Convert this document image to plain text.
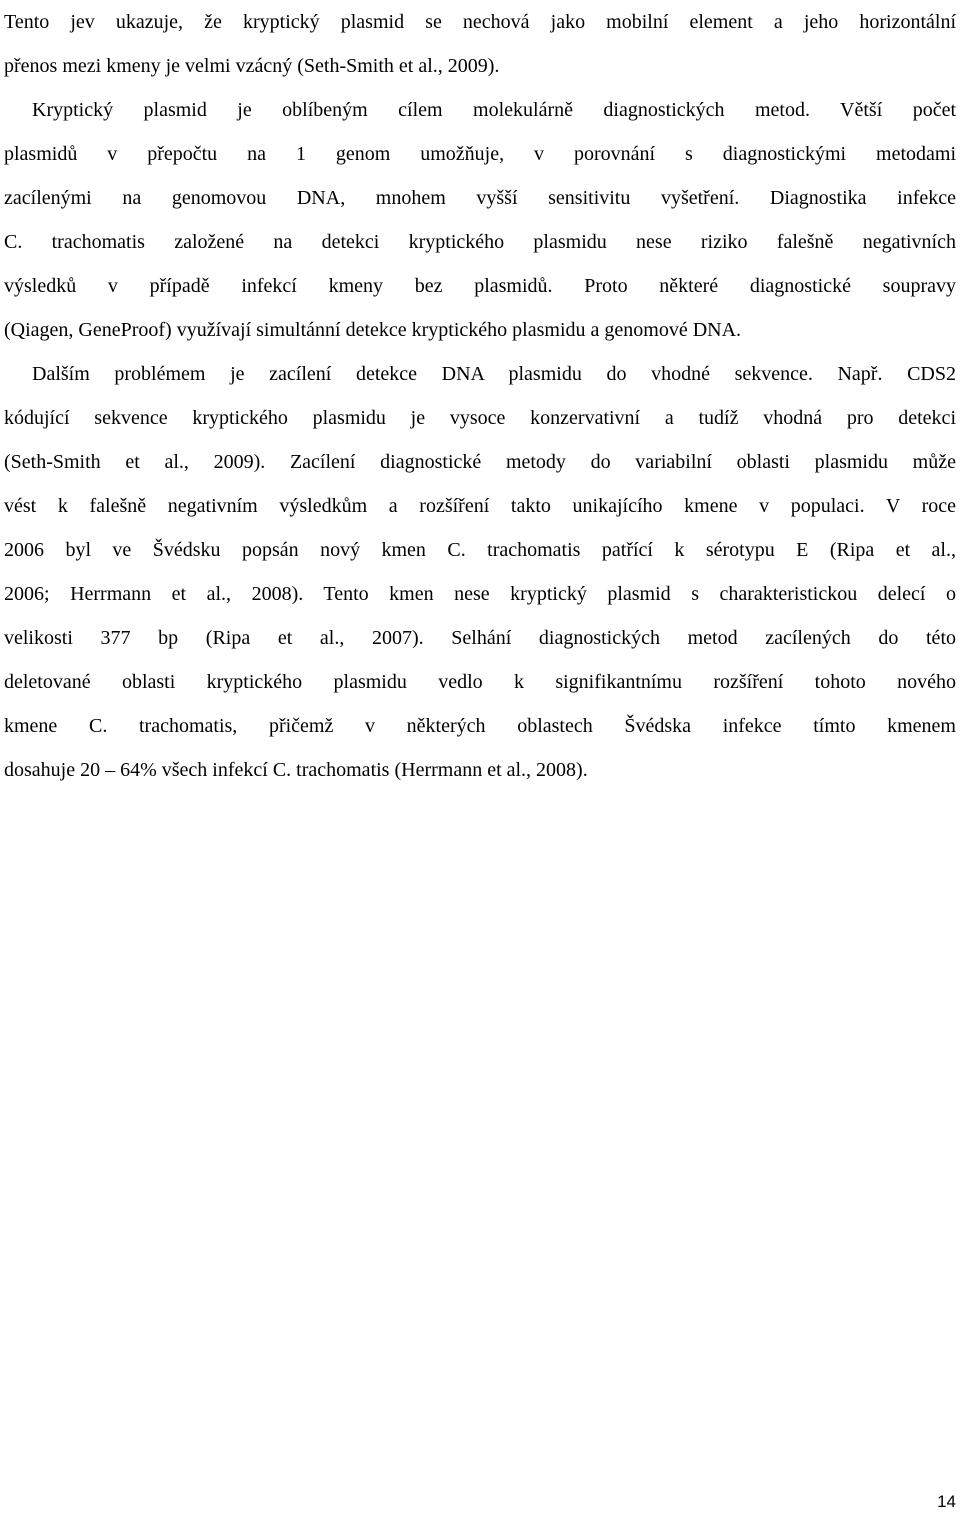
Tento jev ukazuje, že kryptický plasmid se nechová jako mobilní element a jeho horizontální
přenos mezi kmeny je velmi vzácný (Seth-Smith et al., 2009).
Kryptický plasmid je oblíbeným cílem molekulárně diagnostických metod. Větší počet
plasmidů v přepočtu na 1 genom umožňuje, v porovnání s diagnostickými metodami
zacílenými na genomovou DNA, mnohem vyšší sensitivitu vyšetření. Diagnostika infekce
C. trachomatis založené na detekci kryptického plasmidu nese riziko falešně negativních
výsledků v případě infekcí kmeny bez plasmidů. Proto některé diagnostické soupravy
(Qiagen, GeneProof) využívají simultánní detekce kryptického plasmidu a genomové DNA.
Dalším problémem je zacílení detekce DNA plasmidu do vhodné sekvence. Např. CDS2
kódující sekvence kryptického plasmidu je vysoce konzervativní a tudíž vhodná pro detekci
(Seth-Smith et al., 2009). Zacílení diagnostické metody do variabilní oblasti plasmidu může
vést k falešně negativním výsledkům a rozšíření takto unikajícího kmene v populaci. V roce
2006 byl ve Švédsku popsán nový kmen C. trachomatis patřící k sérotypu E (Ripa et al.,
2006; Herrmann et al., 2008). Tento kmen nese kryptický plasmid s charakteristickou delecí o
velikosti 377 bp (Ripa et al., 2007). Selhání diagnostických metod zacílených do této
deletované oblasti kryptického plasmidu vedlo k signifikantnímu rozšíření tohoto nového
kmene C. trachomatis, přičemž v některých oblastech Švédska infekce tímto kmenem
dosahuje 20 – 64% všech infekcí C. trachomatis (Herrmann et al., 2008).
14
